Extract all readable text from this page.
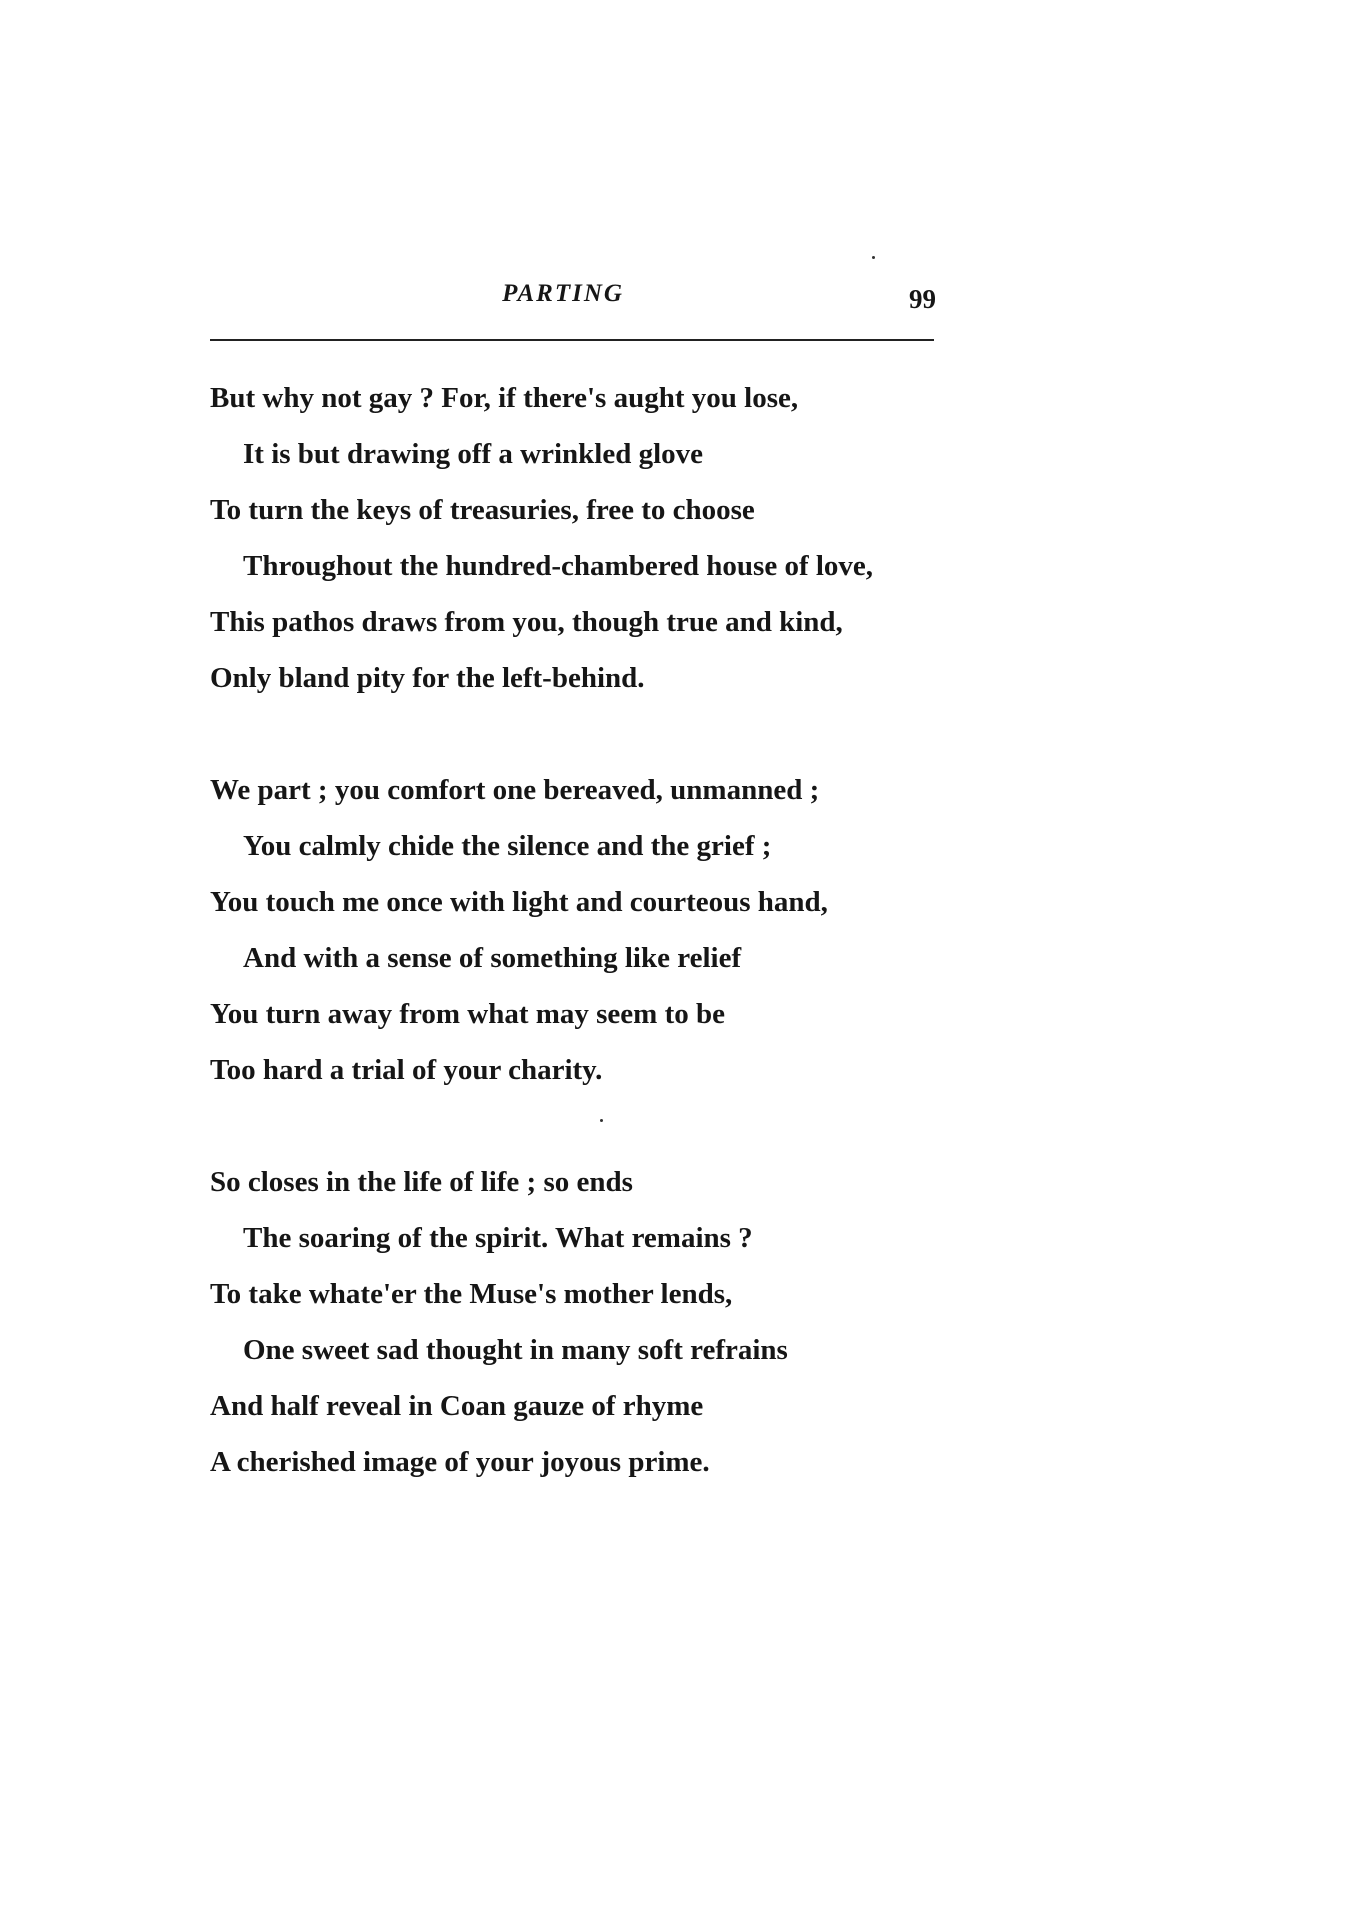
PARTING	99
But why not gay ? For, if there's aught you lose,
It is but drawing off a wrinkled glove
To turn the keys of treasuries, free to choose
Throughout the hundred-chambered house of love,
This pathos draws from you, though true and kind,
Only bland pity for the left-behind.
We part ; you comfort one bereaved, unmanned ;
You calmly chide the silence and the grief ;
You touch me once with light and courteous hand,
And with a sense of something like relief
You turn away from what may seem to be
Too hard a trial of your charity.
So closes in the life of life ; so ends
The soaring of the spirit. What remains ?
To take whate'er the Muse's mother lends,
One sweet sad thought in many soft refrains
And half reveal in Coan gauze of rhyme
A cherished image of your joyous prime.
